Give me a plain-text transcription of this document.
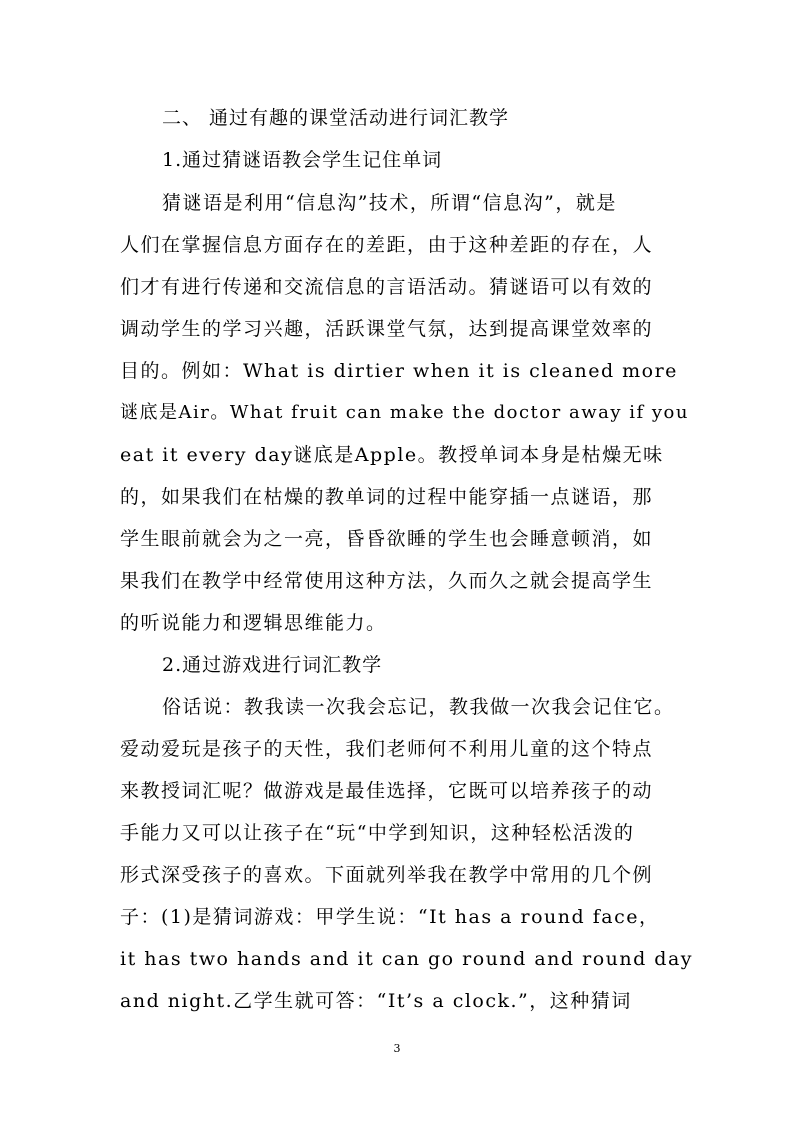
二、 通过有趣的课堂活动进行词汇教学
1.通过猜谜语教会学生记住单词
猜谜语是利用“信息沟”技术，所谓“信息沟”，就是
人们在掌握信息方面存在的差距，由于这种差距的存在，人
们才有进行传递和交流信息的言语活动。猜谜语可以有效的
调动学生的学习兴趣，活跃课堂气氛，达到提高课堂效率的
目的。例如：What is dirtier when it is cleaned more
谜底是Air。What fruit can make the doctor away if you
eat it every day谜底是Apple。教授单词本身是枯燥无味
的，如果我们在枯燥的教单词的过程中能穿插一点谜语，那
学生眼前就会为之一亮，昏昏欲睡的学生也会睡意顿消，如
果我们在教学中经常使用这种方法，久而久之就会提高学生
的听说能力和逻辑思维能力。
2.通过游戏进行词汇教学
俗话说：教我读一次我会忘记，教我做一次我会记住它。
爱动爱玩是孩子的天性，我们老师何不利用儿童的这个特点
来教授词汇呢？做游戏是最佳选择，它既可以培养孩子的动
手能力又可以让孩子在“玩“中学到知识，这种轻松活泼的
形式深受孩子的喜欢。下面就列举我在教学中常用的几个例
子：(1)是猜词游戏：甲学生说：“It has a round face，
it has two hands and it can go round and round day
and night.乙学生就可答：“It’s a clock.”，这种猜词
3
